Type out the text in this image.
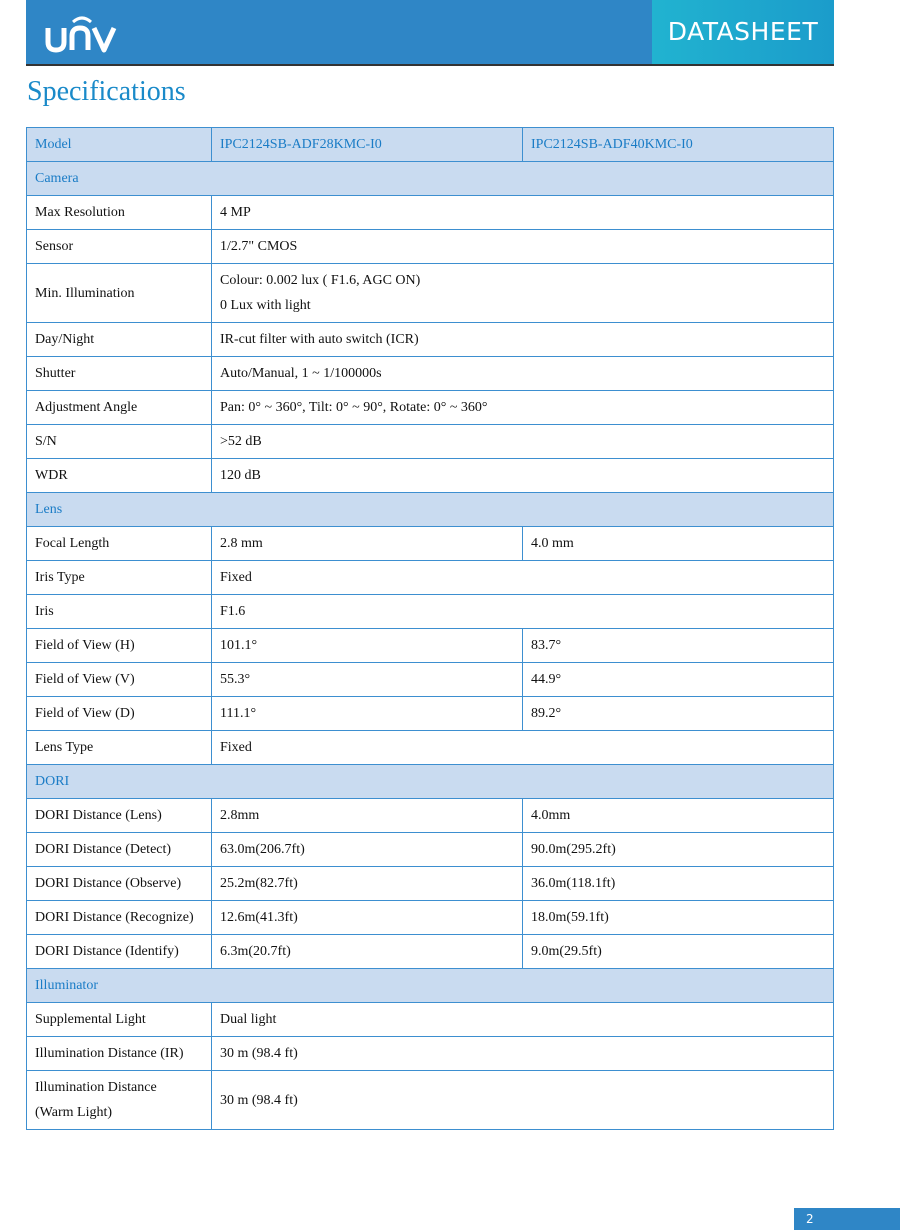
DATASHEET
Specifications
Model	IPC2124SB-ADF28KMC-I0	IPC2124SB-ADF40KMC-I0
Camera		
Max Resolution	4 MP	
Sensor	1/2.7" CMOS	
Min. Illumination	Colour: 0.002 lux ( F1.6, AGC ON)
0 Lux with light	

Day/Night	IR-cut filter with auto switch (ICR)	
Shutter	Auto/Manual, 1 ~ 1/100000s	
Adjustment Angle	Pan: 0° ~ 360°, Tilt: 0° ~ 90°, Rotate: 0° ~ 360°	
S/N	>52 dB	
WDR	120 dB	
Lens		
Focal Length	2.8 mm	4.0 mm
Iris Type	Fixed	
Iris	F1.6	
Field of View (H)	101.1°	83.7°
Field of View (V)	55.3°	44.9°
Field of View (D)	111.1°	89.2°
Lens Type	Fixed	
DORI		
DORI Distance (Lens)	2.8mm	4.0mm
DORI Distance (Detect)	63.0m(206.7ft)	90.0m(295.2ft)
DORI Distance (Observe)	25.2m(82.7ft)	36.0m(118.1ft)
DORI Distance (Recognize)	12.6m(41.3ft)	18.0m(59.1ft)
DORI Distance (Identify)	6.3m(20.7ft)	9.0m(29.5ft)
Illuminator		
Supplemental Light	Dual light	
Illumination Distance (IR)	30 m (98.4 ft)	

Illumination Distance
(Warm Light)	30 m (98.4 ft)	
2
